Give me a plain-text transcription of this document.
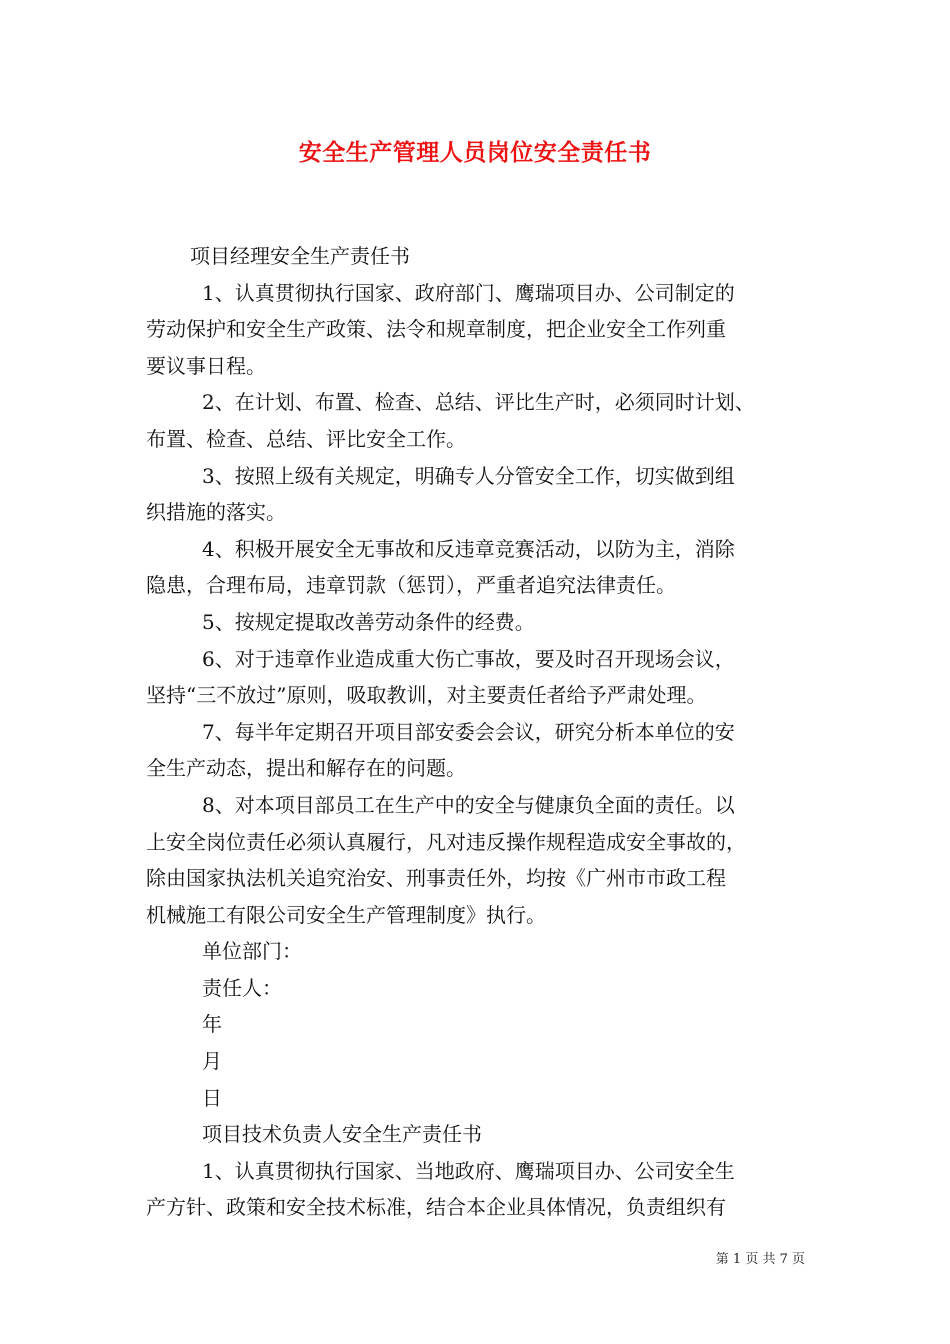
安全生产管理人员岗位安全责任书
项目经理安全生产责任书
1、认真贯彻执行国家、政府部门、鹰瑞项目办、公司制定的
劳动保护和安全生产政策、法令和规章制度，把企业安全工作列重
要议事日程。
2、在计划、布置、检查、总结、评比生产时，必须同时计划、
布置、检查、总结、评比安全工作。
3、按照上级有关规定，明确专人分管安全工作，切实做到组
织措施的落实。
4、积极开展安全无事故和反违章竞赛活动，以防为主，消除
隐患，合理布局，违章罚款（惩罚），严重者追究法律责任。
5、按规定提取改善劳动条件的经费。
6、对于违章作业造成重大伤亡事故，要及时召开现场会议，
坚持“三不放过”原则，吸取教训，对主要责任者给予严肃处理。
7、每半年定期召开项目部安委会会议，研究分析本单位的安
全生产动态，提出和解存在的问题。
8、对本项目部员工在生产中的安全与健康负全面的责任。以
上安全岗位责任必须认真履行，凡对违反操作规程造成安全事故的，
除由国家执法机关追究治安、刑事责任外，均按《广州市市政工程
机械施工有限公司安全生产管理制度》执行。
单位部门：
责任人：
年
月
日
项目技术负责人安全生产责任书
1、认真贯彻执行国家、当地政府、鹰瑞项目办、公司安全生
产方针、政策和安全技术标准，结合本企业具体情况，负责组织有
第 1 页 共 7 页
